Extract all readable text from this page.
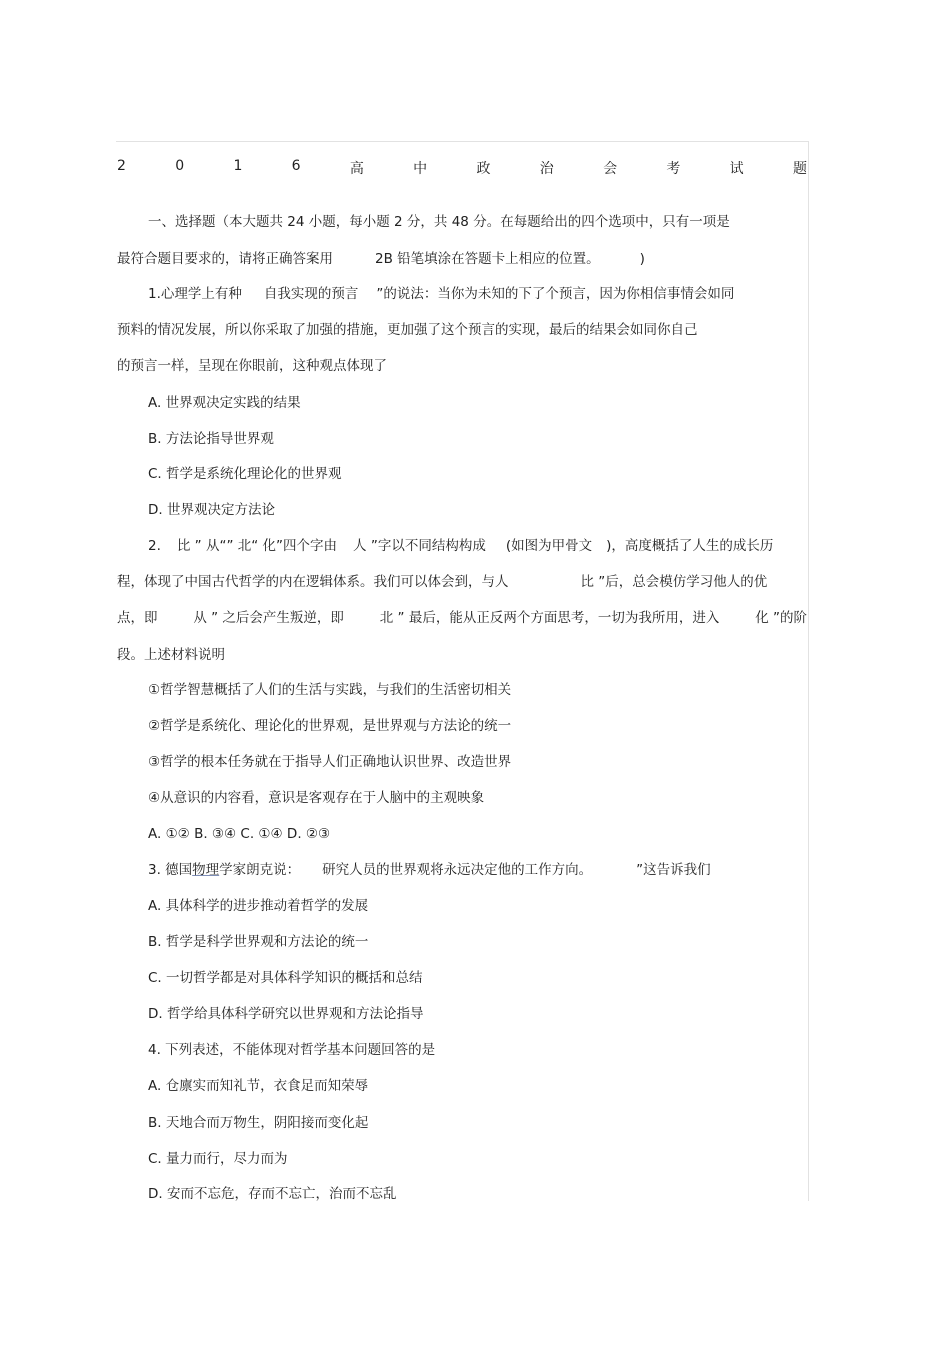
2	0	1	6	高	中	政	治	会	考	试	题
一、选择题（本大题共 24 小题，每小题 2 分，共 48 分。在每题给出的四个选项中，只有一项是
最符合题目要求的，请将正确答案用	2B 铅笔填涂在答题卡上相应的位置。	)
1.心理学上有种 自我实现的预言 ”的说法：当你为未知的下了个预言，因为你相信事情会如同
预料的情况发展，所以你采取了加强的措施，更加强了这个预言的实现，最后的结果会如同你自己
的预言一样，呈现在你眼前，这种观点体现了
A. 世界观决定实践的结果
B. 方法论指导世界观
C. 哲学是系统化理论化的世界观
D. 世界观决定方法论
2. 比 ” 从“” 北“ 化”四个字由 人 ”字以不同结构构成 (如图为甲骨文 )，高度概括了人生的成长历
程，体现了中国古代哲学的内在逻辑体系。我们可以体会到，与人	比 ”后，总会模仿学习他人的优
点，即	从 ” 之后会产生叛逆，即	北 ” 最后，能从正反两个方面思考，一切为我所用，进入	化 ”的阶
段。上述材料说明
①哲学智慧概括了人们的生活与实践，与我们的生活密切相关
②哲学是系统化、理论化的世界观，是世界观与方法论的统一
③哲学的根本任务就在于指导人们正确地认识世界、改造世界
④从意识的内容看，意识是客观存在于人脑中的主观映象
A. ①② B. ③④ C. ①④ D. ②③
3. 德国物理学家朗克说： 研究人员的世界观将永远决定他的工作方向。	”这告诉我们
A. 具体科学的进步推动着哲学的发展
B. 哲学是科学世界观和方法论的统一
C. 一切哲学都是对具体科学知识的概括和总结
D. 哲学给具体科学研究以世界观和方法论指导
4. 下列表述，不能体现对哲学基本问题回答的是
A. 仓廪实而知礼节，衣食足而知荣辱
B. 天地合而万物生，阴阳接而变化起
C. 量力而行，尽力而为
D. 安而不忘危，存而不忘亡，治而不忘乱
